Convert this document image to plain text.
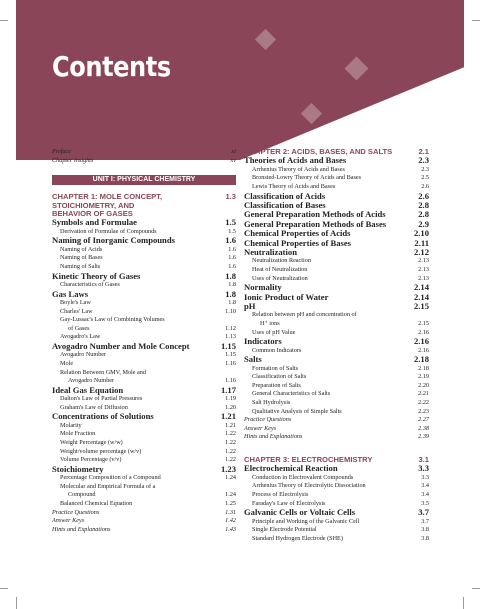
Contents
Preface	xi
Chapter Insights	xv
UNIT I: PHYSICAL CHEMISTRY
CHAPTER 1: MOLE CONCEPT,
STOICHIOMETRY, AND
BEHAVIOR OF GASES
1.3
Symbols and Formulae	1.5
Derivation of Formulae of Compounds	1.5
Naming of Inorganic Compounds	1.6
Naming of Acids	1.6
Naming of Bases	1.6
Naming of Salts	1.6
Kinetic Theory of Gases	1.8
Characteristics of Gases	1.8
Gas Laws	1.8
Boyle's Law	1.8
Charles' Law	1.10
Gay-Lussac's Law of Combining Volumes
of Gases	1.12
Avogadro's Law	1.13
Avogadro Number and Mole Concept	1.15
Avogadro Number	1.15
Mole	1.16
Relation Between GMV, Mole and
Avogadro Number	1.16
Ideal Gas Equation	1.17
Dalton's Law of Partial Pressures	1.19
Graham's Law of Diffusion	1.20
Concentrations of Solutions	1.21
Molarity	1.21
Mole Fraction	1.22
Weight Percentage (w/w)	1.22
Weight/volume percentage (w/v)	1.22
Volume Percentage (v/v)	1.22
Stoichiometry	1.23
Percentage Composition of a Compound	1.24
Molecular and Empirical Formula of a
Compound	1.24
Balanced Chemical Equation	1.25
Practice Questions	1.31
Answer Keys	1.42
Hints and Explanations	1.43
CHAPTER 2: ACIDS, BASES, AND SALTS	2.1
Theories of Acids and Bases	2.3
Arrhenius Theory of Acids and Bases	2.3
Bronsted-Lowry Theory of Acids and Bases	2.5
Lewis Theory of Acids and Bases	2.6
Classification of Acids	2.6
Classification of Bases	2.8
General Preparation Methods of Acids	2.8
General Preparation Methods of Bases	2.9
Chemical Properties of Acids	2.10
Chemical Properties of Bases	2.11
Neutralization	2.12
Neutralization Reaction	2.13
Heat of Neutralization	2.13
Uses of Neutralization	2.13
Normality	2.14
Ionic Product of Water	2.14
pH	2.15
Relation between pH and concentration of
H⁺ ions	2.15
Uses of pH Value	2.16
Indicators	2.16
Common Indicators	2.16
Salts	2.18
Formation of Salts	2.18
Classification of Salts	2.19
Preparation of Salts	2.20
General Characteristics of Salts	2.21
Salt Hydrolysis	2.22
Qualitative Analysis of Simple Salts	2.23
Practice Questions	2.27
Answer Keys	2.38
Hints and Explanations	2.39
CHAPTER 3: ELECTROCHEMISTRY	3.1
Electrochemical Reaction	3.3
Conduction in Electrovalent Compounds	3.3
Arrhenius Theory of Electrolytic Dissociation	3.4
Process of Electrolysis	3.4
Faraday's Law of Electrolysis	3.5
Galvanic Cells or Voltaic Cells	3.7
Principle and Working of the Galvanic Cell	3.7
Single Electrode Potential	3.8
Standard Hydrogen Electrode (SHE)	3.8
